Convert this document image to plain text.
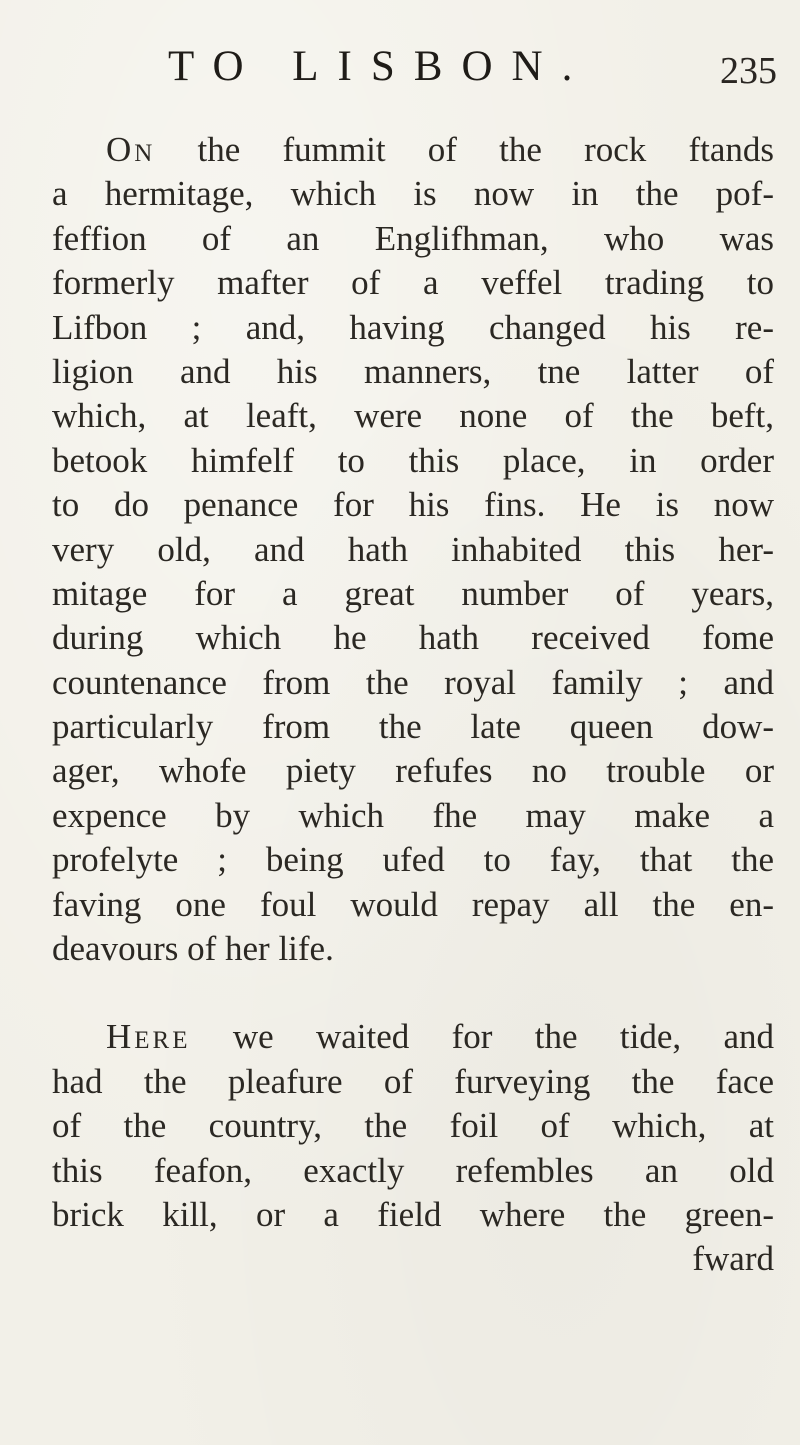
TO LISBON.	235

On the fummit of the rock ftands
a hermitage, which is now in the pof-
feffion of an Englifhman, who was
formerly mafter of a veffel trading to
Lifbon ; and, having changed his re-
ligion and his manners, tne latter of
which, at leaft, were none of the beft,
betook himfelf to this place, in order
to do penance for his fins. He is now
very old, and hath inhabited this her-
mitage for a great number of years,
during which he hath received fome
countenance from the royal family ; and
particularly from the late queen dow-
ager, whofe piety refufes no trouble or
expence by which fhe may make a
profelyte ; being ufed to fay, that the
faving one foul would repay all the en-
deavours of her life.

Here we waited for the tide, and
had the pleafure of furveying the face
of the country, the foil of which, at
this feafon, exactly refembles an old
brick kill, or a field where the green-
fward
